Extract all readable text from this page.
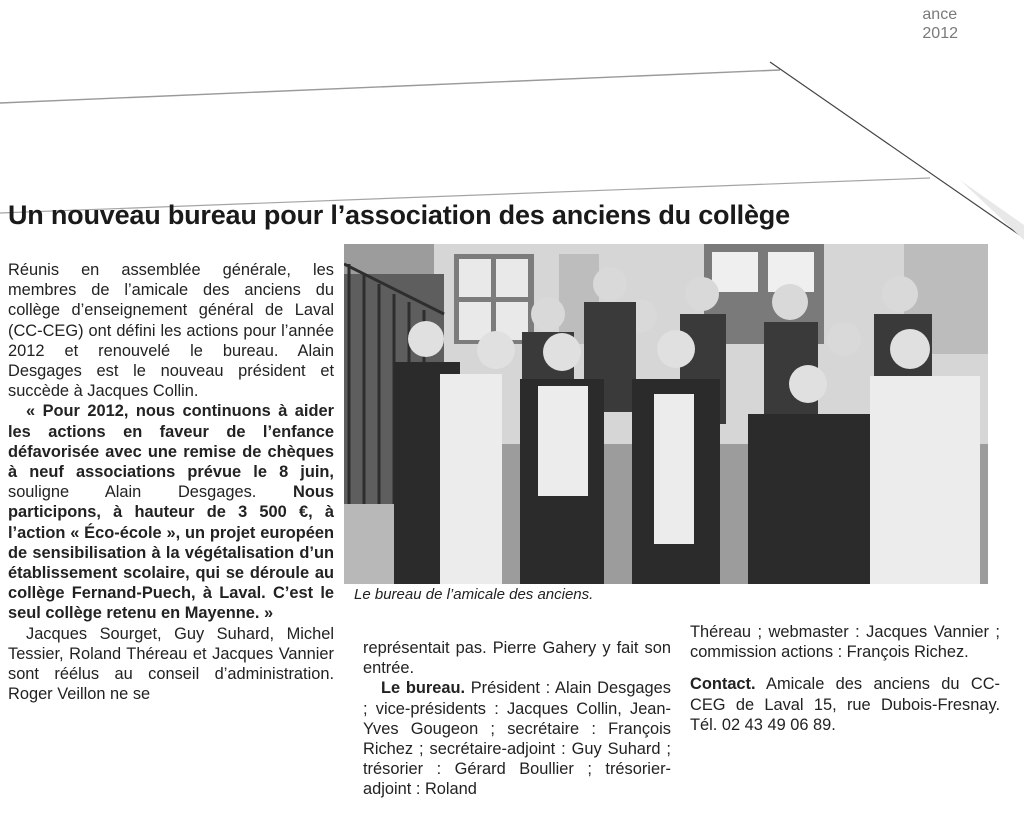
ance
2012
Un nouveau bureau pour l’association des anciens du collège

Réunis en assemblée générale, les membres de l’amicale des anciens du collège d’enseignement général de Laval (CC-CEG) ont défini les actions pour l’année 2012 et renouvelé le bureau. Alain Desgages est le nouveau président et succède à Jacques Collin.

« Pour 2012, nous continuons à aider les actions en faveur de l’enfance défavorisée avec une remise de chèques à neuf associations prévue le 8 juin, souligne Alain Desgages. Nous participons, à hauteur de 3 500 €, à l’action « Éco-école », un projet européen de sensibilisation à la végétalisation d’un établissement scolaire, qui se déroule au collège Fernand-Puech, à Laval. C’est le seul collège retenu en Mayenne. »

Jacques Sourget, Guy Suhard, Michel Tessier, Roland Théreau et Jacques Vannier sont réélus au conseil d’administration. Roger Veillon ne se

Le bureau de l’amicale des anciens.

représentait pas. Pierre Gahery y fait son entrée.

Le bureau. Président : Alain Desgages ; vice-présidents : Jacques Collin, Jean-Yves Gougeon ; secrétaire : François Richez ; secrétaire-adjoint : Guy Suhard ; trésorier : Gérard Boullier ; trésorier-adjoint : Roland

Théreau ; webmaster : Jacques Vannier ; commission actions : François Richez.

Contact. Amicale des anciens du CC-CEG de Laval 15, rue Dubois-Fresnay. Tél. 02 43 49 06 89.
